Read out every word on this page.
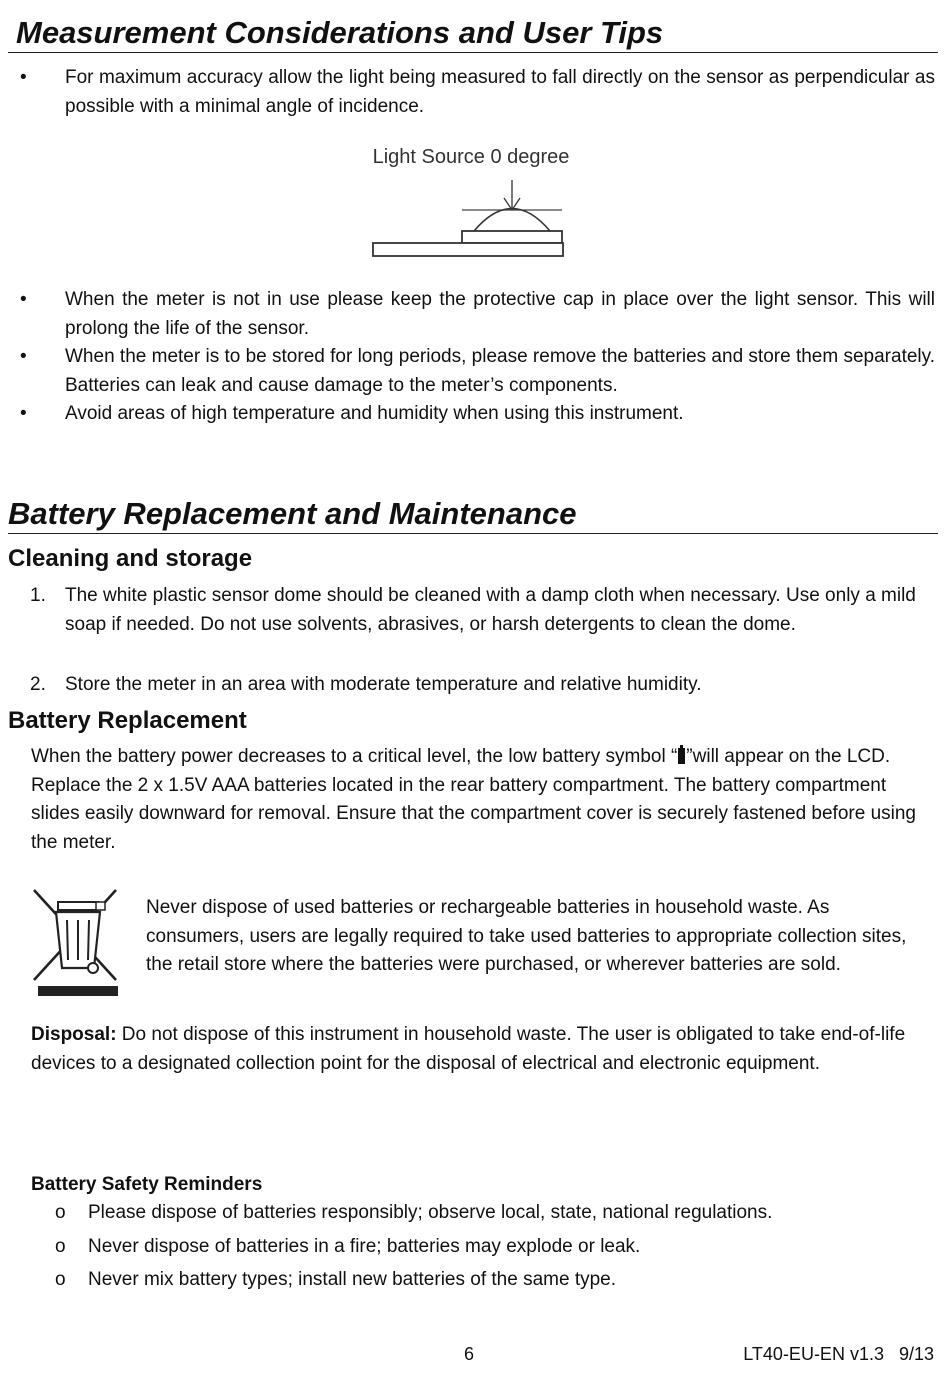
Measurement Considerations and User Tips
• For maximum accuracy allow the light being measured to fall directly on the sensor as perpendicular as possible with a minimal angle of incidence.
Light Source 0 degree
• When the meter is not in use please keep the protective cap in place over the light sensor. This will prolong the life of the sensor.
• When the meter is to be stored for long periods, please remove the batteries and store them separately. Batteries can leak and cause damage to the meter’s components.
• Avoid areas of high temperature and humidity when using this instrument.
Battery Replacement and Maintenance
Cleaning and storage
1. The white plastic sensor dome should be cleaned with a damp cloth when necessary. Use only a mild soap if needed. Do not use solvents, abrasives, or harsh detergents to clean the dome.
2. Store the meter in an area with moderate temperature and relative humidity.
Battery Replacement
When the battery power decreases to a critical level, the low battery symbol “ ”will appear on the LCD. Replace the 2 x 1.5V AAA batteries located in the rear battery compartment. The battery compartment slides easily downward for removal. Ensure that the compartment cover is securely fastened before using the meter.
Never dispose of used batteries or rechargeable batteries in household waste. As consumers, users are legally required to take used batteries to appropriate collection sites, the retail store where the batteries were purchased, or wherever batteries are sold.
Disposal: Do not dispose of this instrument in household waste. The user is obligated to take end-of-life devices to a designated collection point for the disposal of electrical and electronic equipment.
Battery Safety Reminders
o Please dispose of batteries responsibly; observe local, state, national regulations.
o Never dispose of batteries in a fire; batteries may explode or leak.
o Never mix battery types; install new batteries of the same type.
6	LT40-EU-EN v1.3   9/13
